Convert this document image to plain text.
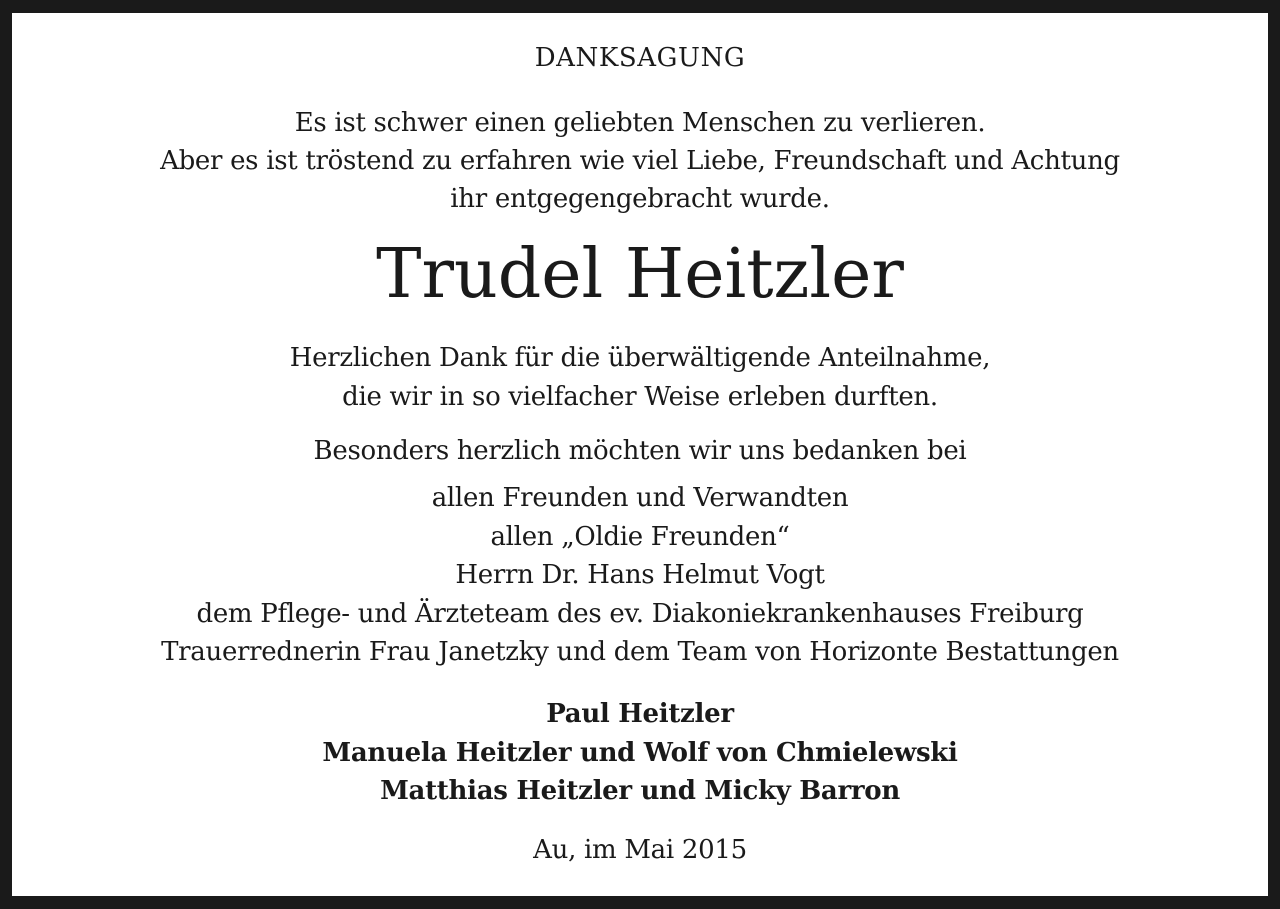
DANKSAGUNG
Es ist schwer einen geliebten Menschen zu verlieren.
Aber es ist tröstend zu erfahren wie viel Liebe, Freundschaft und Achtung
ihr entgegengebracht wurde.
Trudel Heitzler
Herzlichen Dank für die überwältigende Anteilnahme,
die wir in so vielfacher Weise erleben durften.
Besonders herzlich möchten wir uns bedanken bei
allen Freunden und Verwandten
allen „Oldie Freunden“
Herrn Dr. Hans Helmut Vogt
dem Pflege- und Ärzteteam des ev. Diakoniekrankenhauses Freiburg
Trauerrednerin Frau Janetzky und dem Team von Horizonte Bestattungen
Paul Heitzler
Manuela Heitzler und Wolf von Chmielewski
Matthias Heitzler und Micky Barron
Au, im Mai 2015
